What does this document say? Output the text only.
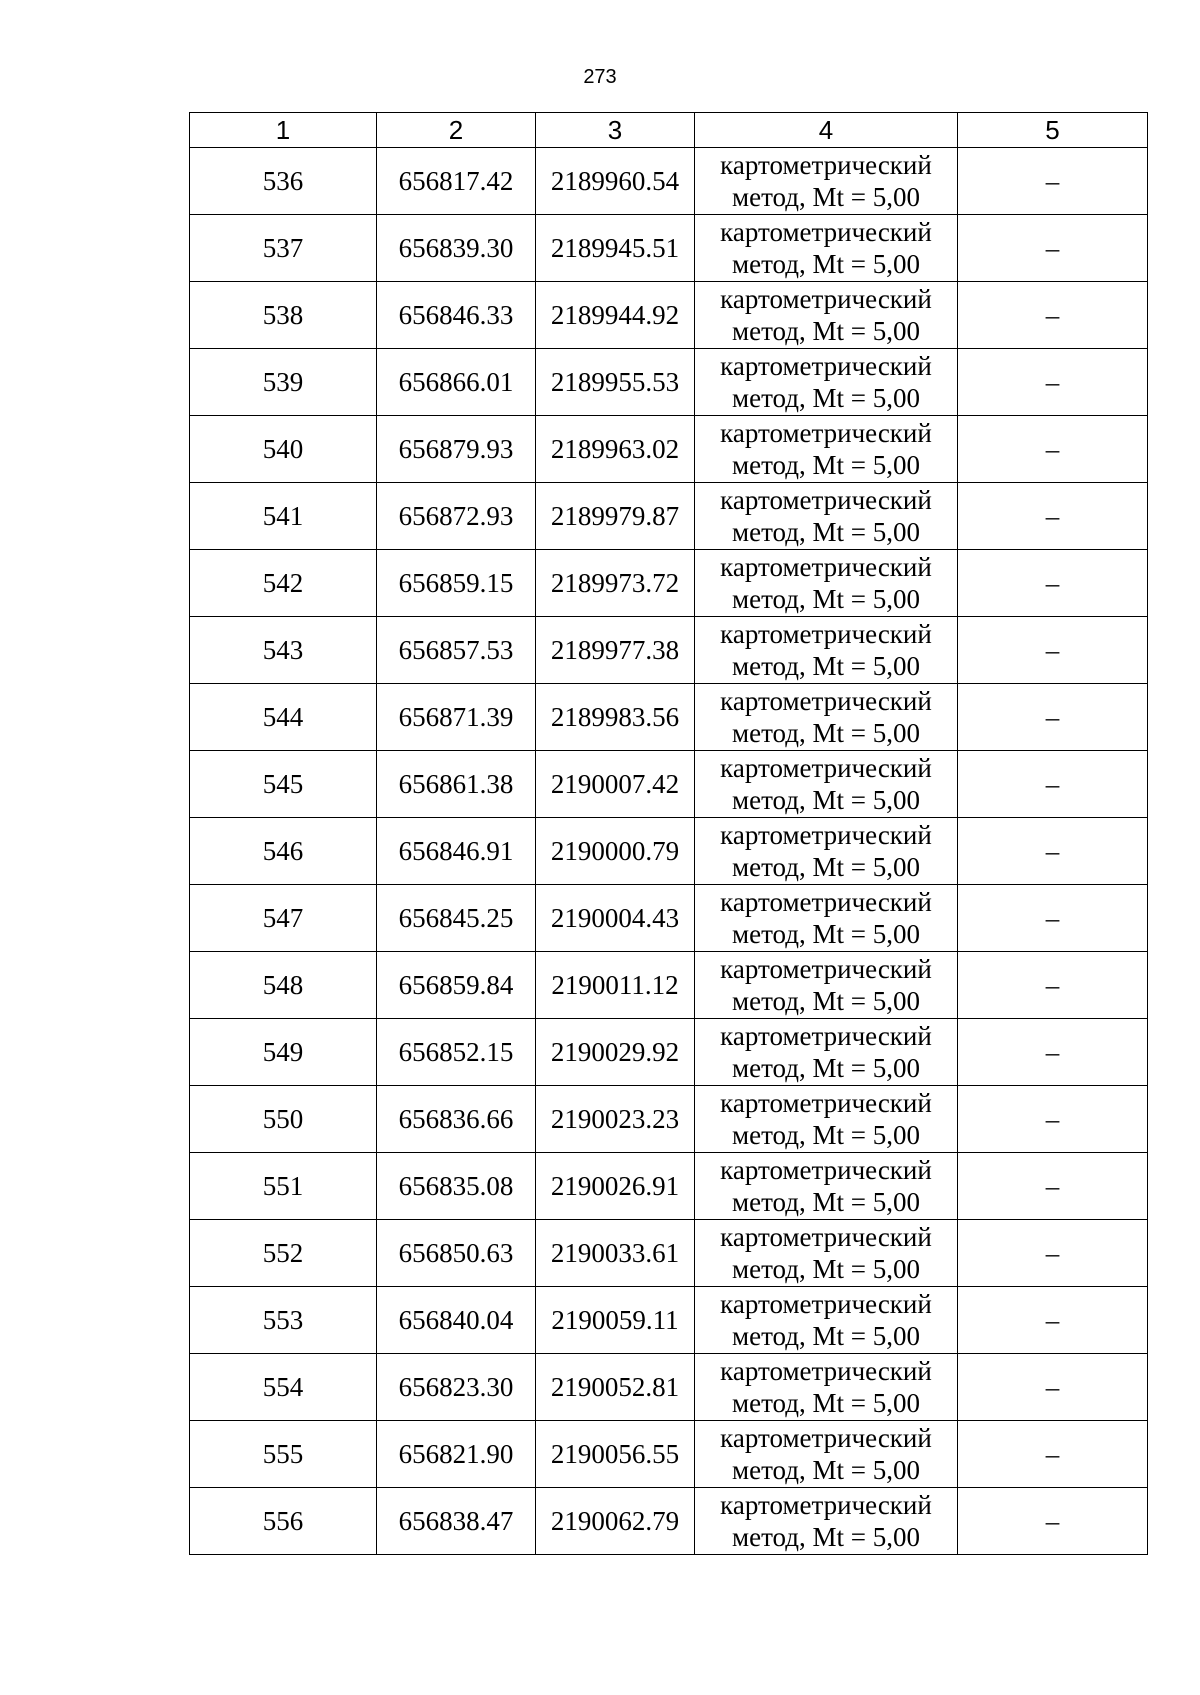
273
1	2	3	4	5
536	656817.42	2189960.54	картометрический
метод, Mt = 5,00	–
537	656839.30	2189945.51	картометрический
метод, Mt = 5,00	–
538	656846.33	2189944.92	картометрический
метод, Mt = 5,00	–
539	656866.01	2189955.53	картометрический
метод, Mt = 5,00	–
540	656879.93	2189963.02	картометрический
метод, Mt = 5,00	–
541	656872.93	2189979.87	картометрический
метод, Mt = 5,00	–
542	656859.15	2189973.72	картометрический
метод, Mt = 5,00	–
543	656857.53	2189977.38	картометрический
метод, Mt = 5,00	–
544	656871.39	2189983.56	картометрический
метод, Mt = 5,00	–
545	656861.38	2190007.42	картометрический
метод, Mt = 5,00	–
546	656846.91	2190000.79	картометрический
метод, Mt = 5,00	–
547	656845.25	2190004.43	картометрический
метод, Mt = 5,00	–
548	656859.84	2190011.12	картометрический
метод, Mt = 5,00	–
549	656852.15	2190029.92	картометрический
метод, Mt = 5,00	–
550	656836.66	2190023.23	картометрический
метод, Mt = 5,00	–
551	656835.08	2190026.91	картометрический
метод, Mt = 5,00	–
552	656850.63	2190033.61	картометрический
метод, Mt = 5,00	–
553	656840.04	2190059.11	картометрический
метод, Mt = 5,00	–
554	656823.30	2190052.81	картометрический
метод, Mt = 5,00	–
555	656821.90	2190056.55	картометрический
метод, Mt = 5,00	–
556	656838.47	2190062.79	картометрический
метод, Mt = 5,00	–
